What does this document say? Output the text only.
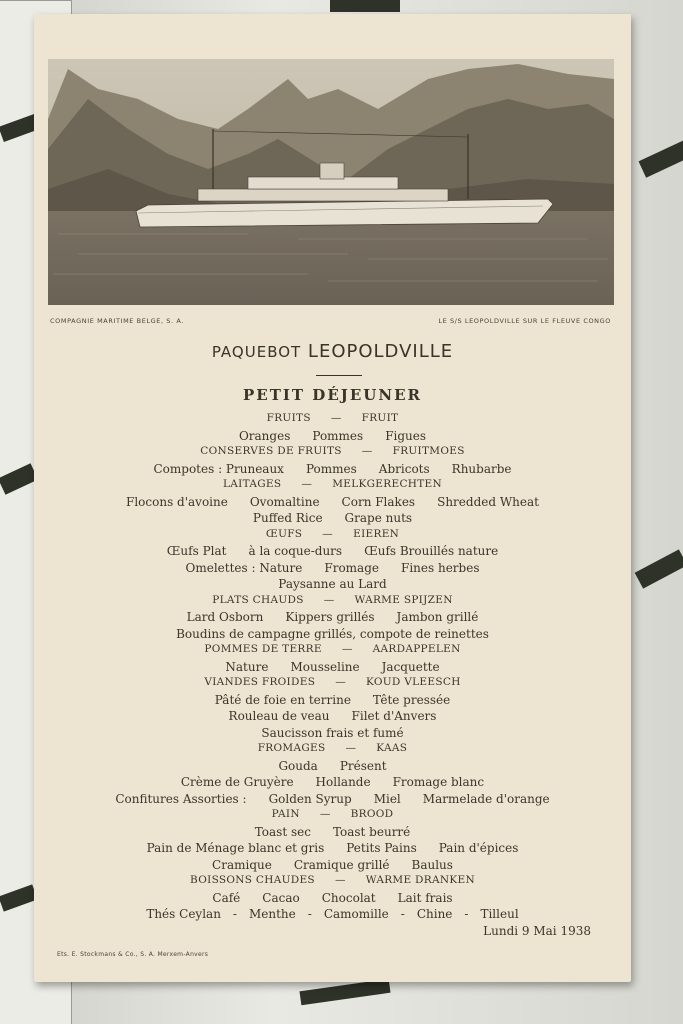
COMPAGNIE MARITIME BELGE, S. A.	LE S/S LEOPOLDVILLE SUR LE FLEUVE CONGO
PAQUEBOT LEOPOLDVILLE
PETIT DÉJEUNER
FRUITS — FRUIT
Oranges Pommes Figues
CONSERVES DE FRUITS — FRUITMOES
Compotes : Pruneaux Pommes Abricots Rhubarbe
LAITAGES — MELKGERECHTEN
Flocons d'avoine Ovomaltine Corn Flakes Shredded Wheat
Puffed Rice Grape nuts
ŒUFS — EIEREN
Œufs Plat à la coque-durs Œufs Brouillés nature
Omelettes : Nature Fromage Fines herbes
Paysanne au Lard
PLATS CHAUDS — WARME SPIJZEN
Lard Osborn Kippers grillés Jambon grillé
Boudins de campagne grillés, compote de reinettes
POMMES DE TERRE — AARDAPPELEN
Nature Mousseline Jacquette
VIANDES FROIDES — KOUD VLEESCH
Pâté de foie en terrine Tête pressée
Rouleau de veau Filet d'Anvers
Saucisson frais et fumé
FROMAGES — KAAS
Gouda Présent
Crème de Gruyère Hollande Fromage blanc
Confitures Assorties : Golden Syrup Miel Marmelade d'orange
PAIN — BROOD
Toast sec Toast beurré
Pain de Ménage blanc et gris Petits Pains Pain d'épices
Cramique Cramique grillé Baulus
BOISSONS CHAUDES — WARME DRANKEN
Café Cacao Chocolat Lait frais
Thés Ceylan - Menthe - Camomille - Chine - Tilleul
Lundi 9 Mai 1938
Ets. E. Stockmans & Co., S. A. Merxem-Anvers
